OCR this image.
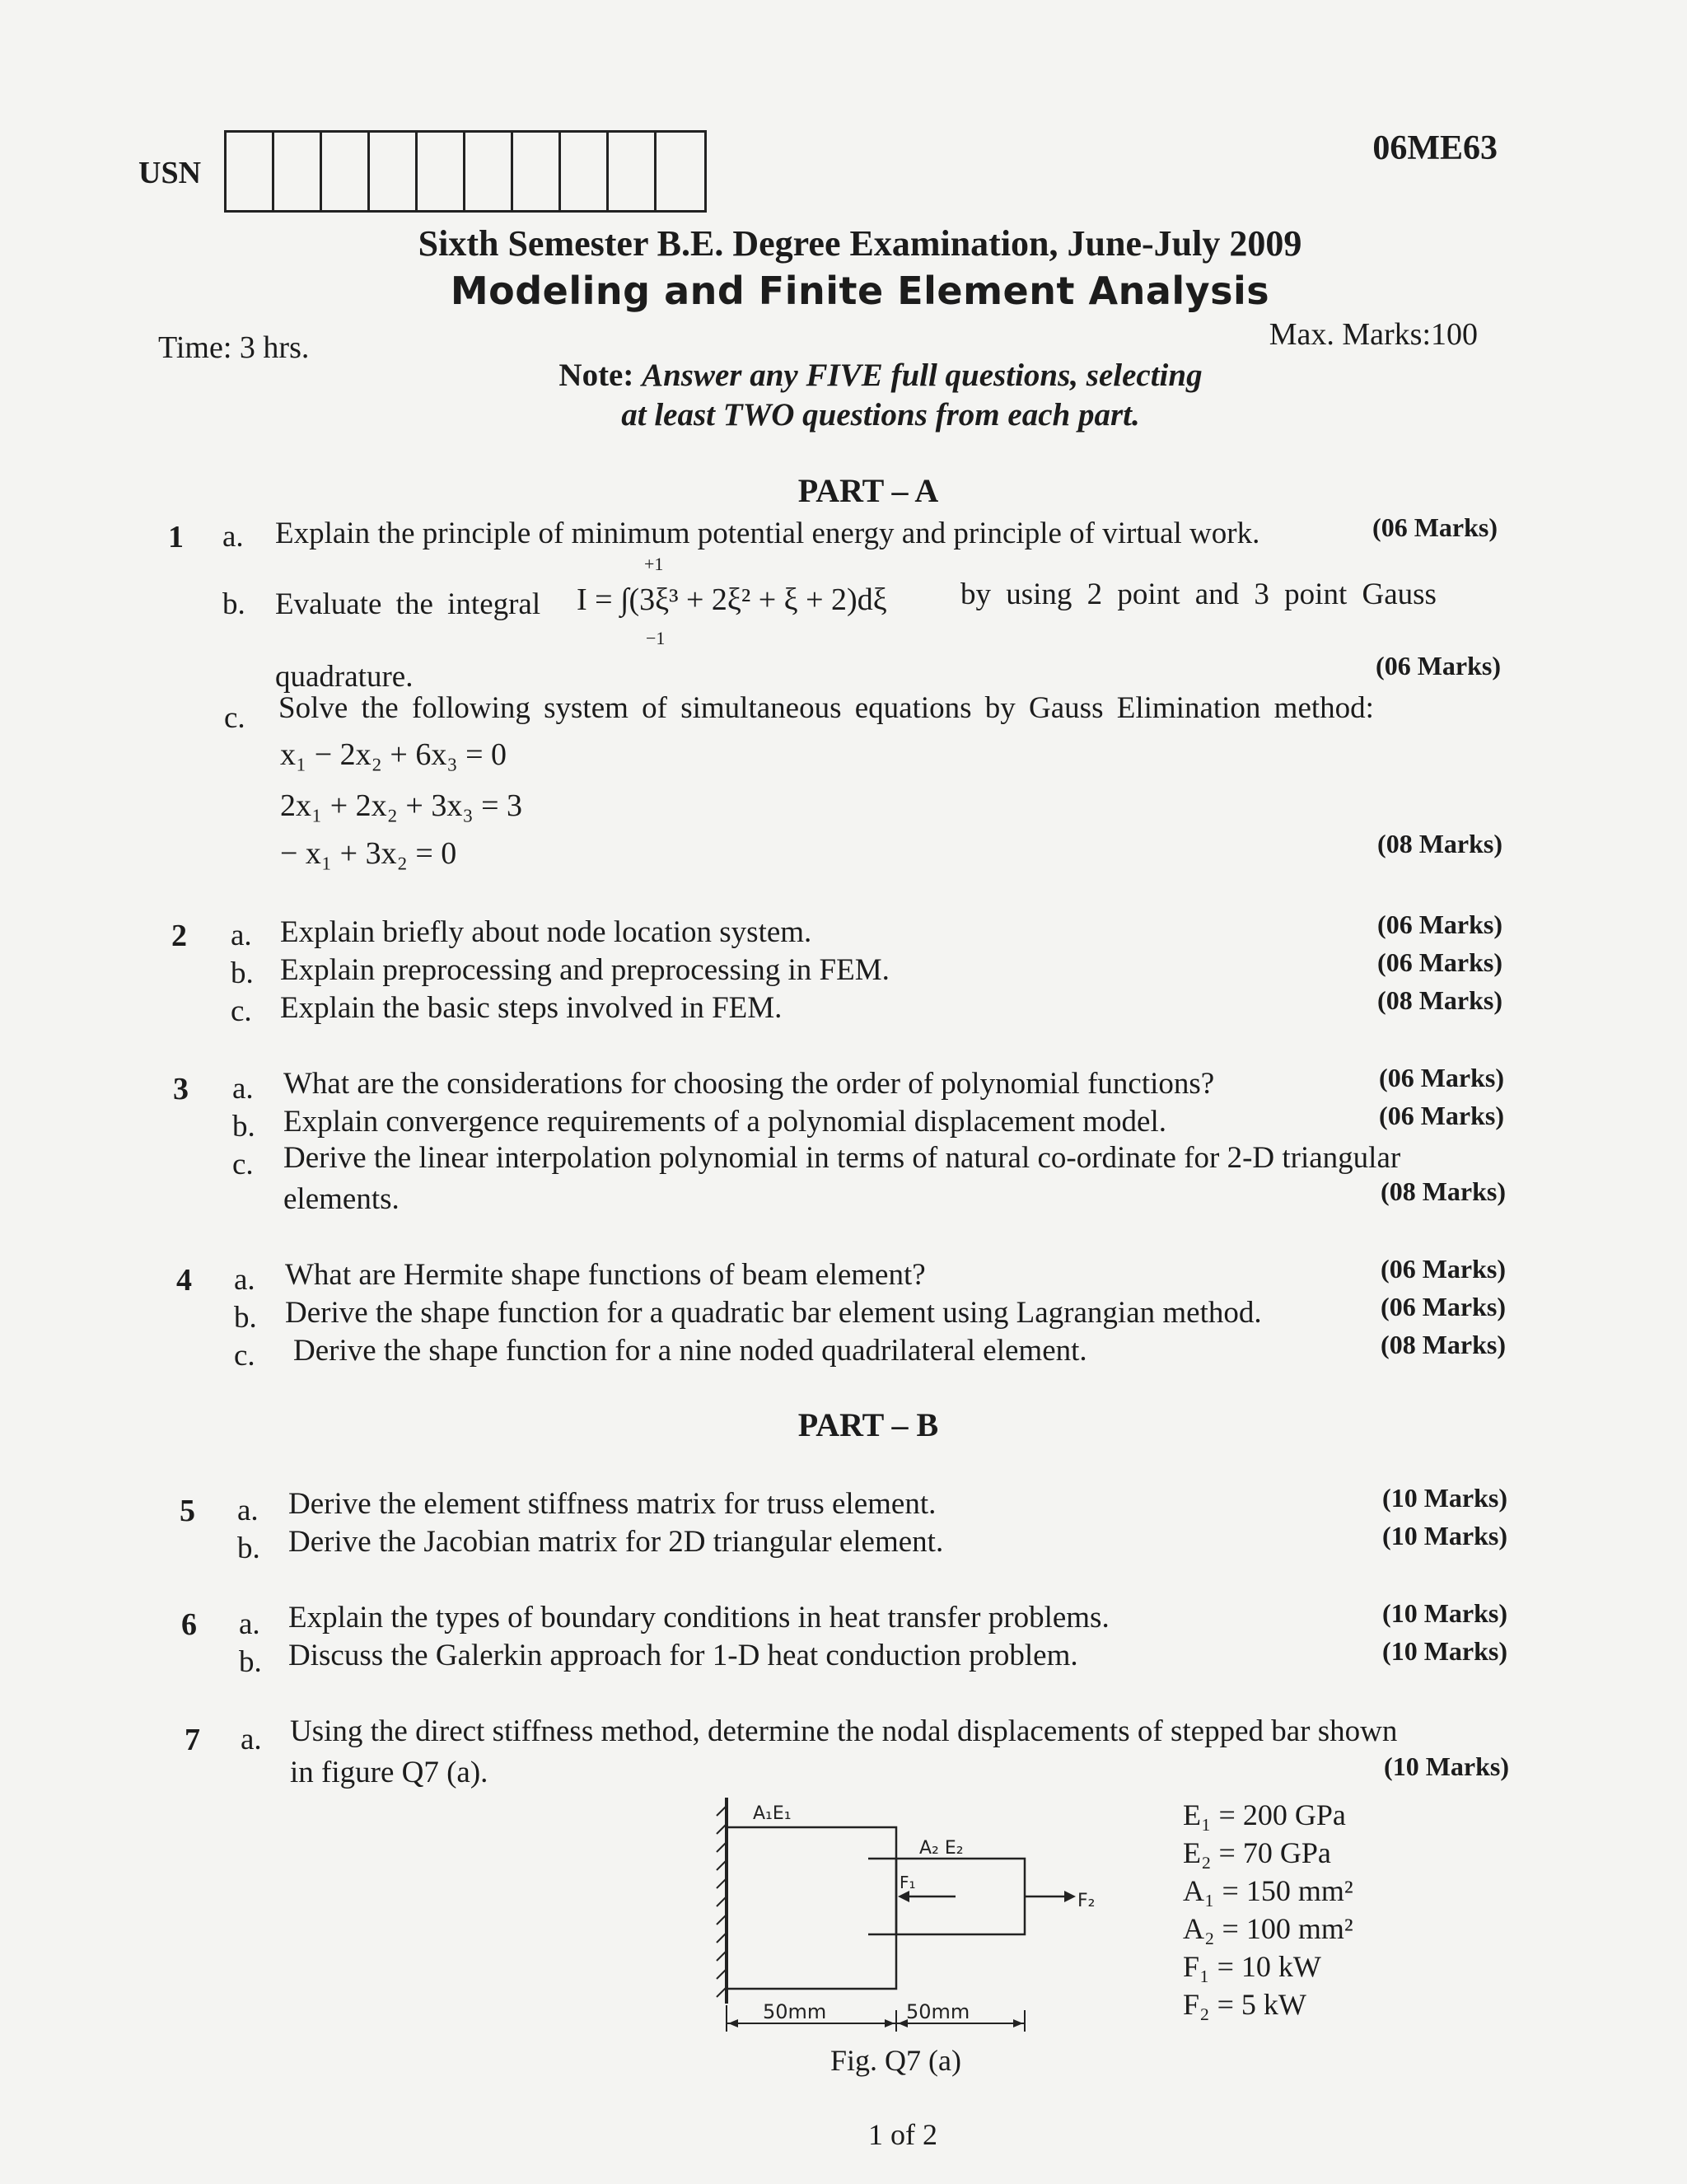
USN
06ME63
Sixth Semester B.E. Degree Examination, June-July 2009
Modeling and Finite Element Analysis
Time: 3 hrs.	Max. Marks:100
Note: Answer any FIVE full questions, selecting
at least TWO questions from each part.
PART – A
1 a. Explain the principle of minimum potential energy and principle of virtual work.	(06 Marks)
b. Evaluate the integral
+1
I = ∫(3ξ³ + 2ξ² + ξ + 2)dξ
−1
by using 2 point and 3 point Gauss
quadrature.	(06 Marks)
c. Solve the following system of simultaneous equations by Gauss Elimination method:
x₁ − 2x₂ + 6x₃ = 0
2x₁ + 2x₂ + 3x₃ = 3
− x₁ + 3x₂ = 0	(08 Marks)
2 a. Explain briefly about node location system.	(06 Marks)
b. Explain preprocessing and preprocessing in FEM.	(06 Marks)
c. Explain the basic steps involved in FEM.	(08 Marks)
3 a. What are the considerations for choosing the order of polynomial functions?	(06 Marks)
b. Explain convergence requirements of a polynomial displacement model.	(06 Marks)
c. Derive the linear interpolation polynomial in terms of natural co-ordinate for 2-D triangular
elements.	(08 Marks)
4 a. What are Hermite shape functions of beam element?	(06 Marks)
b. Derive the shape function for a quadratic bar element using Lagrangian method.	(06 Marks)
c. Derive the shape function for a nine noded quadrilateral element.	(08 Marks)
PART – B
5 a. Derive the element stiffness matrix for truss element.	(10 Marks)
b. Derive the Jacobian matrix for 2D triangular element.	(10 Marks)
6 a. Explain the types of boundary conditions in heat transfer problems.	(10 Marks)
b. Discuss the Galerkin approach for 1-D heat conduction problem.	(10 Marks)
7 a. Using the direct stiffness method, determine the nodal displacements of stepped bar shown
in figure Q7 (a).	(10 Marks)
A₁E₁
A₂ E₂
F₁
F₂
50mm	50mm
Fig. Q7 (a)
E₁ = 200 GPa
E₂ = 70 GPa
A₁ = 150 mm²
A₂ = 100 mm²
F₁ = 10 kW
F₂ = 5 kW
1 of 2
